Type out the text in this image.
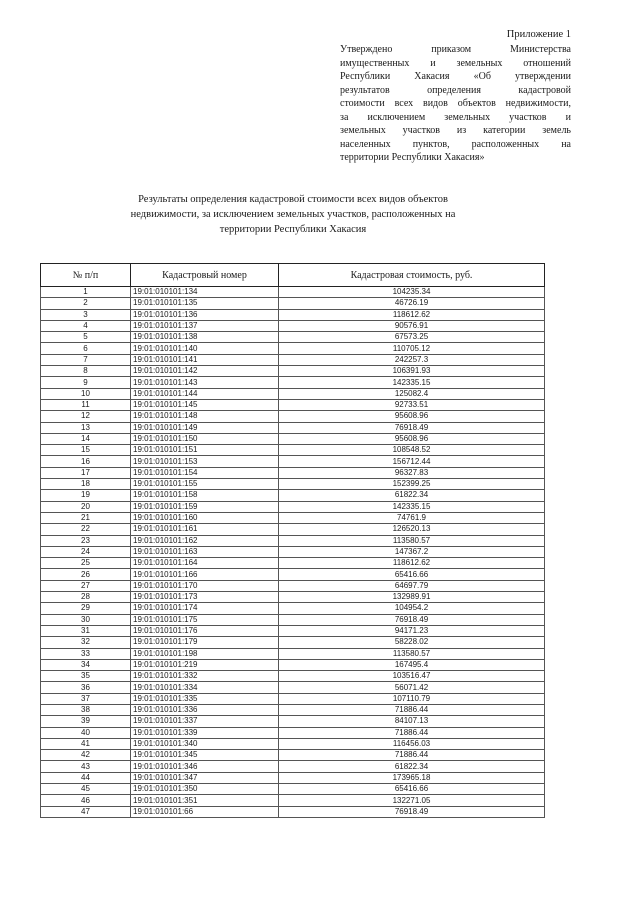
Приложение 1
Утверждено приказом Министерства
имущественных и земельных отношений
Республики Хакасия «Об утверждении
результатов определения кадастровой
стоимости всех видов объектов недвижимости,
за исключением земельных участков и
земельных участков из категории земель
населенных пунктов, расположенных на
территории Республики Хакасия»
Результаты определения кадастровой стоимости всех видов объектов
недвижимости, за исключением земельных участков, расположенных на
территории Республики Хакасия
№ п/п	Кадастровый номер	Кадастровая стоимость, руб.
1	19:01:010101:134	104235.34
2	19:01:010101:135	46726.19
3	19:01:010101:136	118612.62
4	19:01:010101:137	90576.91
5	19:01:010101:138	67573.25
6	19:01:010101:140	110705.12
7	19:01:010101:141	242257.3
8	19:01:010101:142	106391.93
9	19:01:010101:143	142335.15
10	19:01:010101:144	125082.4
11	19:01:010101:145	92733.51
12	19:01:010101:148	95608.96
13	19:01:010101:149	76918.49
14	19:01:010101:150	95608.96
15	19:01:010101:151	108548.52
16	19:01:010101:153	156712.44
17	19:01:010101:154	96327.83
18	19:01:010101:155	152399.25
19	19:01:010101:158	61822.34
20	19:01:010101:159	142335.15
21	19:01:010101:160	74761.9
22	19:01:010101:161	126520.13
23	19:01:010101:162	113580.57
24	19:01:010101:163	147367.2
25	19:01:010101:164	118612.62
26	19:01:010101:166	65416.66
27	19:01:010101:170	64697.79
28	19:01:010101:173	132989.91
29	19:01:010101:174	104954.2
30	19:01:010101:175	76918.49
31	19:01:010101:176	94171.23
32	19:01:010101:179	58228.02
33	19:01:010101:198	113580.57
34	19:01:010101:219	167495.4
35	19:01:010101:332	103516.47
36	19:01:010101:334	56071.42
37	19:01:010101:335	107110.79
38	19:01:010101:336	71886.44
39	19:01:010101:337	84107.13
40	19:01:010101:339	71886.44
41	19:01:010101:340	116456.03
42	19:01:010101:345	71886.44
43	19:01:010101:346	61822.34
44	19:01:010101:347	173965.18
45	19:01:010101:350	65416.66
46	19:01:010101:351	132271.05
47	19:01:010101:66	76918.49
